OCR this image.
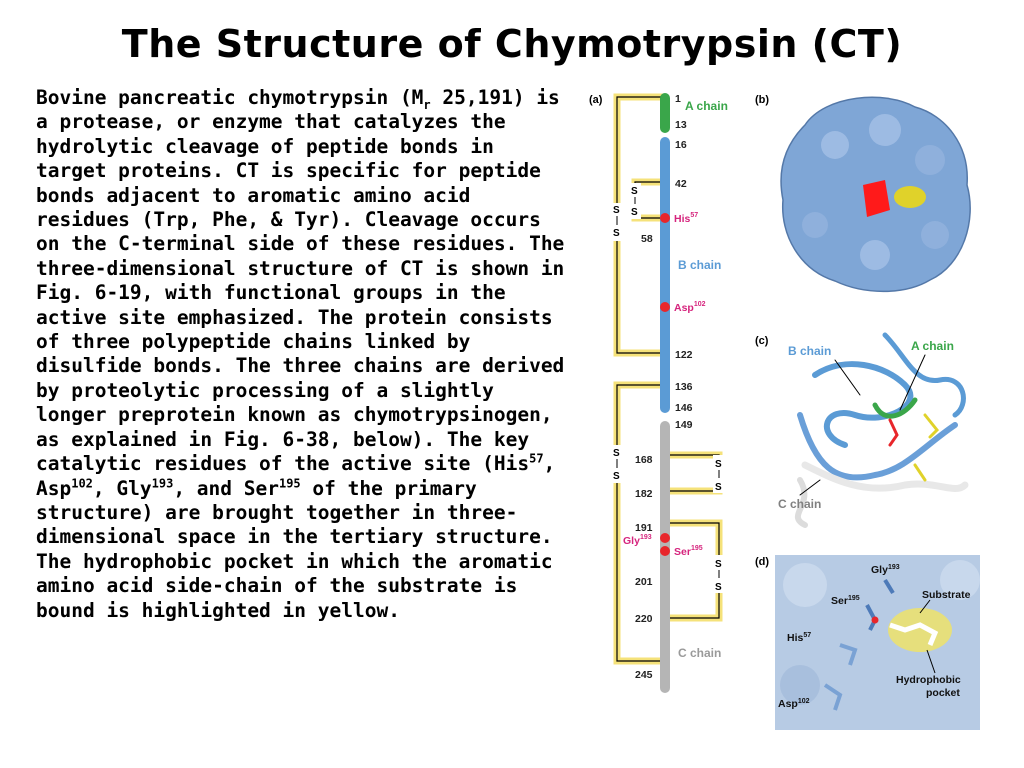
The Structure of Chymotrypsin (CT)
Bovine pancreatic chymotrypsin ($M_r$ 25,191) is a protease, or enzyme that catalyzes the hydrolytic cleavage of peptide bonds in target proteins. CT is specific for peptide bonds adjacent to aromatic amino acid residues (Trp, Phe, & Tyr). Cleavage occurs on the C-terminal side of these residues. The three-dimensional structure of CT is shown in Fig. 6-19, with functional groups in the active site emphasized. The protein consists of three polypeptide chains linked by disulfide bonds. The three chains are derived by proteolytic processing of a slightly longer preprotein known as chymotrypsinogen, as explained in Fig. 6-38, below). The key catalytic residues of the active site (His$^{57}$, Asp$^{102}$, Gly$^{193}$, and Ser$^{195}$ of the primary structure) are brought together in three-dimensional space in the tertiary structure. The hydrophobic pocket in which the aromatic amino acid side-chain of the substrate is bound is highlighted in yellow.
(a)
S
S
S
S
S
S
S
S
S
S
1
13
16
42
58
122
136
146
149
168
182
191
201
220
245
A chain
B chain
C chain
His$^{57}$
Asp$^{102}$
Gly$^{193}$
Ser$^{195}$
(b)
(c)
B chain	A chain
C chain
(d)
Gly$^{193}$
Ser$^{195}$
His$^{57}$
Asp$^{102}$
Substrate
Hydrophobic
pocket
